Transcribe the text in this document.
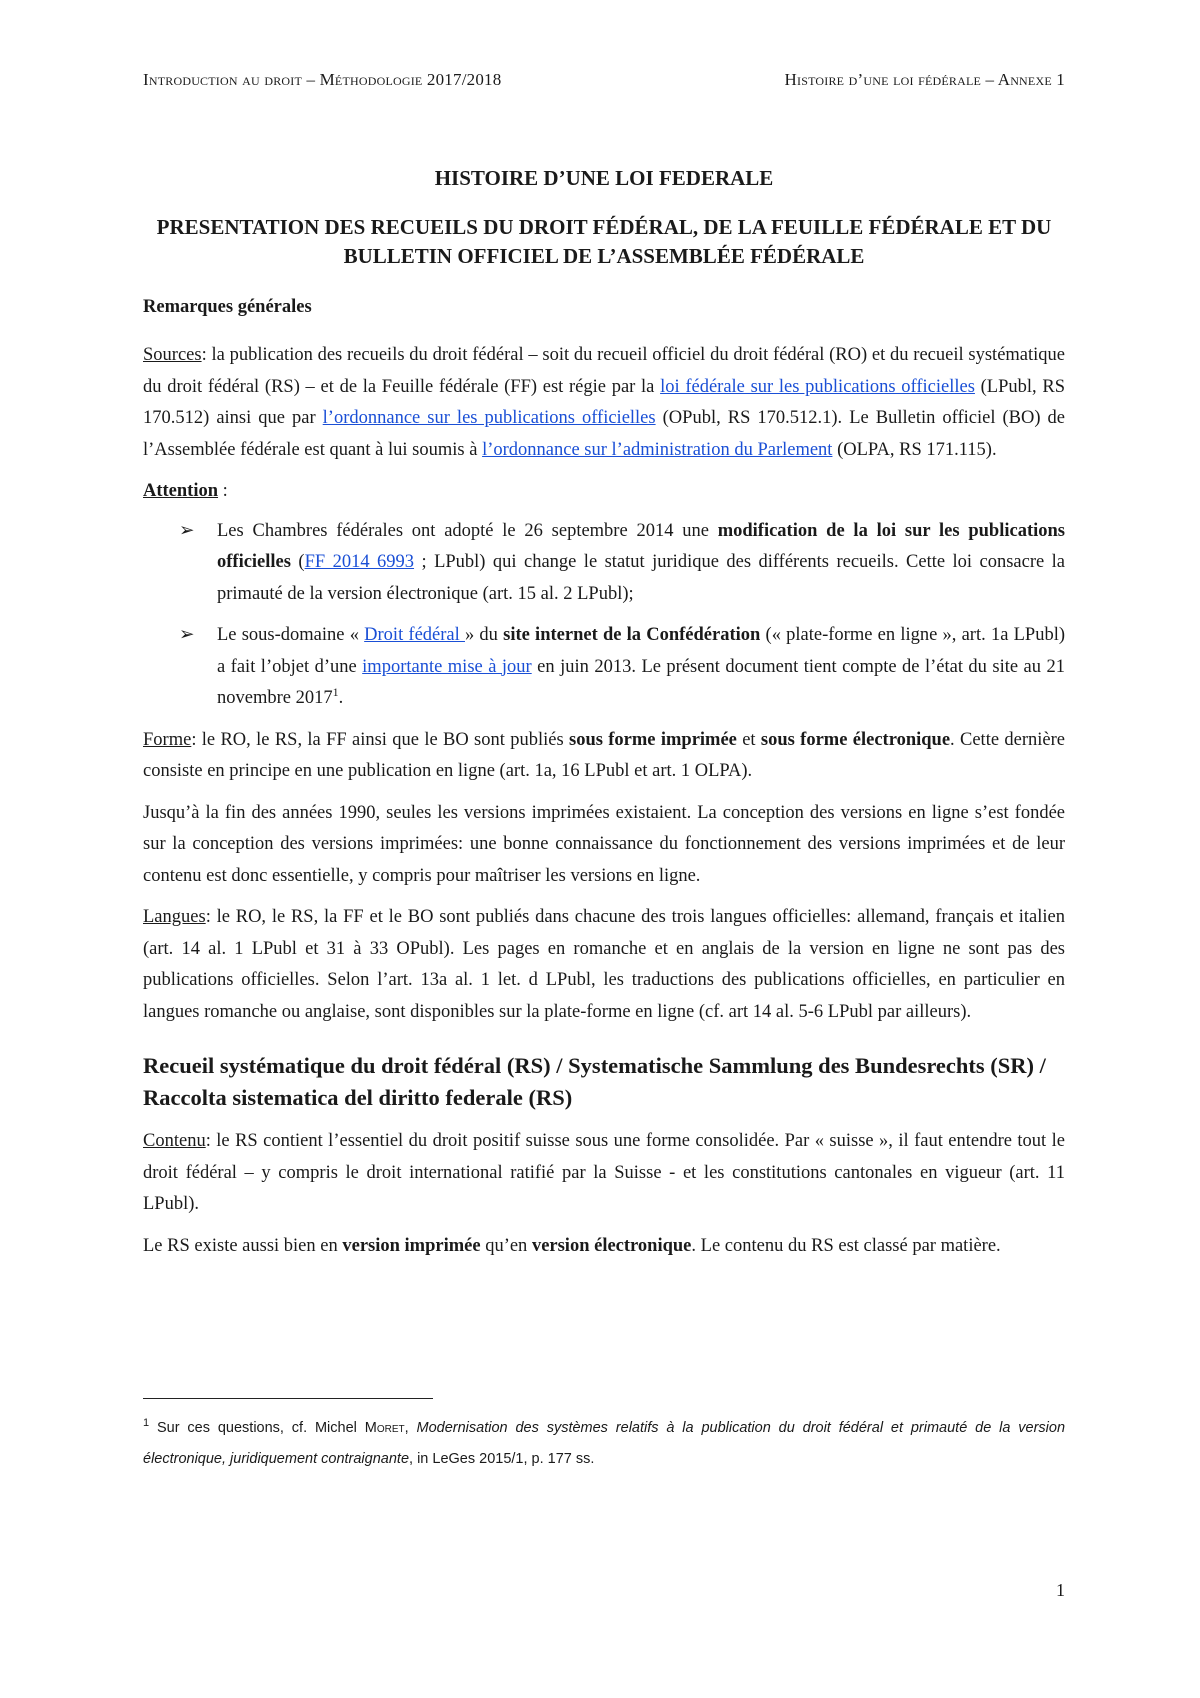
Introduction au droit – Méthodologie 2017/2018	Histoire d’une loi fédérale – Annexe 1
HISTOIRE D’UNE LOI FEDERALE
PRESENTATION DES RECUEILS DU DROIT FÉDÉRAL, DE LA FEUILLE FÉDÉRALE ET DU BULLETIN OFFICIEL DE L’ASSEMBLÉE FÉDÉRALE
Remarques générales

Sources: la publication des recueils du droit fédéral – soit du recueil officiel du droit fédéral (RO) et du recueil systématique du droit fédéral (RS) – et de la Feuille fédérale (FF) est régie par la loi fédérale sur les publications officielles (LPubl, RS 170.512) ainsi que par l’ordonnance sur les publications officielles (OPubl, RS 170.512.1). Le Bulletin officiel (BO) de l’Assemblée fédérale est quant à lui soumis à l’ordonnance sur l’administration du Parlement (OLPA, RS 171.115).

Attention :

➢ Les Chambres fédérales ont adopté le 26 septembre 2014 une modification de la loi sur les publications officielles (FF 2014 6993 ; LPubl) qui change le statut juridique des différents recueils. Cette loi consacre la primauté de la version électronique (art. 15 al. 2 LPubl);
➢ Le sous-domaine « Droit fédéral » du site internet de la Confédération (« plate-forme en ligne », art. 1a LPubl) a fait l’objet d’une importante mise à jour en juin 2013. Le présent document tient compte de l’état du site au 21 novembre 2017$^1$.

Forme: le RO, le RS, la FF ainsi que le BO sont publiés sous forme imprimée et sous forme électronique. Cette dernière consiste en principe en une publication en ligne (art. 1a, 16 LPubl et art. 1 OLPA).

Jusqu’à la fin des années 1990, seules les versions imprimées existaient. La conception des versions en ligne s’est fondée sur la conception des versions imprimées: une bonne connaissance du fonctionnement des versions imprimées et de leur contenu est donc essentielle, y compris pour maîtriser les versions en ligne.

Langues: le RO, le RS, la FF et le BO sont publiés dans chacune des trois langues officielles: allemand, français et italien (art. 14 al. 1 LPubl et 31 à 33 OPubl). Les pages en romanche et en anglais de la version en ligne ne sont pas des publications officielles. Selon l’art. 13a al. 1 let. d LPubl, les traductions des publications officielles, en particulier en langues romanche ou anglaise, sont disponibles sur la plate-forme en ligne (cf. art 14 al. 5-6 LPubl par ailleurs).

Recueil systématique du droit fédéral (RS) / Systematische Sammlung des Bundesrechts (SR) / Raccolta sistematica del diritto federale (RS)

Contenu: le RS contient l’essentiel du droit positif suisse sous une forme consolidée. Par « suisse », il faut entendre tout le droit fédéral – y compris le droit international ratifié par la Suisse - et les constitutions cantonales en vigueur (art. 11 LPubl).

Le RS existe aussi bien en version imprimée qu’en version électronique. Le contenu du RS est classé par matière.

$^1$ Sur ces questions, cf. Michel Moret, Modernisation des systèmes relatifs à la publication du droit fédéral et primauté de la version électronique, juridiquement contraignante, in LeGes 2015/1, p. 177 ss.
1
